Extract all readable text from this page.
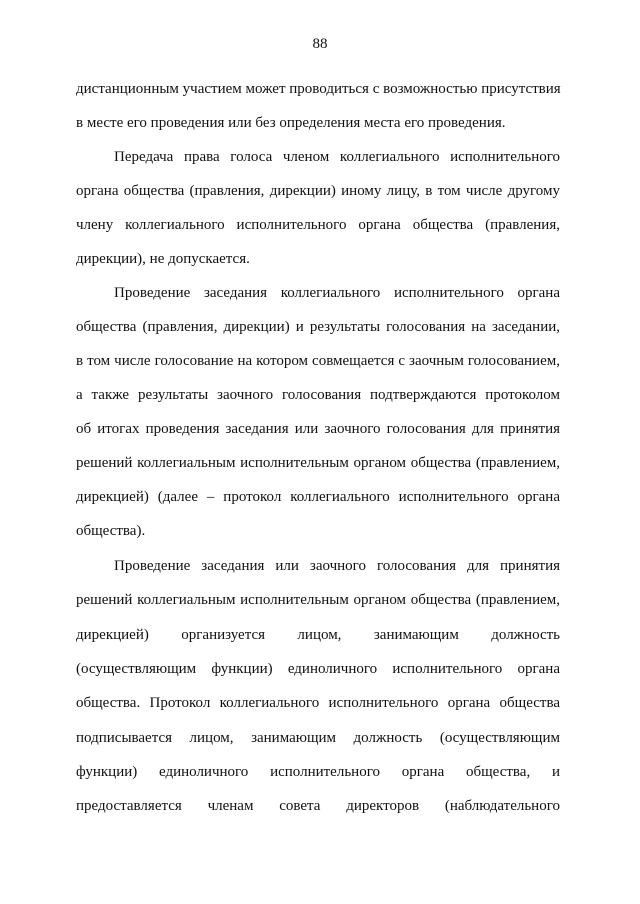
88
дистанционным участием может проводиться с возможностью присутствия
в месте его проведения или без определения места его проведения.
Передача права голоса членом коллегиального исполнительного
органа общества (правления, дирекции) иному лицу, в том числе другому
члену коллегиального исполнительного органа общества (правления,
дирекции), не допускается.
Проведение заседания коллегиального исполнительного органа
общества (правления, дирекции) и результаты голосования на заседании,
в том числе голосование на котором совмещается с заочным голосованием,
а также результаты заочного голосования подтверждаются протоколом
об итогах проведения заседания или заочного голосования для принятия
решений коллегиальным исполнительным органом общества (правлением,
дирекцией) (далее – протокол коллегиального исполнительного органа
общества).
Проведение заседания или заочного голосования для принятия
решений коллегиальным исполнительным органом общества (правлением,
дирекцией) организуется лицом, занимающим должность
(осуществляющим функции) единоличного исполнительного органа
общества. Протокол коллегиального исполнительного органа общества
подписывается лицом, занимающим должность (осуществляющим
функции) единоличного исполнительного органа общества, и
предоставляется членам совета директоров (наблюдательного
